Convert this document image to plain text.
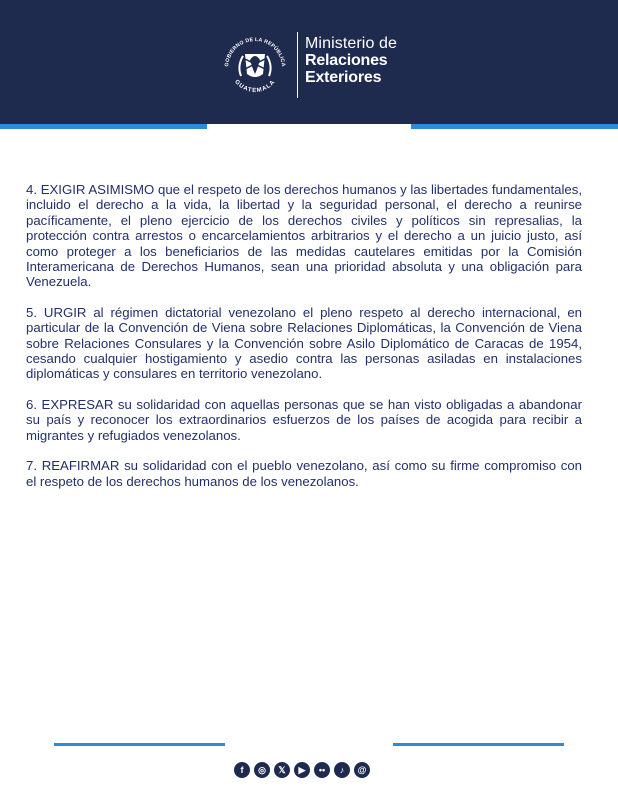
GOBIERNO DE LA REPÚBLICA
GUATEMALA
Ministerio de
Relaciones
Exteriores

4. EXIGIR ASIMISMO que el respeto de los derechos humanos y las libertades fundamentales, incluido el derecho a la vida, la libertad y la seguridad personal, el derecho a reunirse pacíficamente, el pleno ejercicio de los derechos civiles y políticos sin represalias, la protección contra arrestos o encarcelamientos arbitrarios y el derecho a un juicio justo, así como proteger a los beneficiarios de las medidas cautelares emitidas por la Comisión Interamericana de Derechos Humanos, sean una prioridad absoluta y una obligación para Venezuela.

5. URGIR al régimen dictatorial venezolano el pleno respeto al derecho internacional, en particular de la Convención de Viena sobre Relaciones Diplomáticas, la Convención de Viena sobre Relaciones Consulares y la Convención sobre Asilo Diplomático de Caracas de 1954, cesando cualquier hostigamiento y asedio contra las personas asiladas en instalaciones diplomáticas y consulares en territorio venezolano.

6. EXPRESAR su solidaridad con aquellas personas que se han visto obligadas a abandonar su país y reconocer los extraordinarios esfuerzos de los países de acogida para recibir a migrantes y refugiados venezolanos.

7. REAFIRMAR su solidaridad con el pueblo venezolano, así como su firme compromiso con el respeto de los derechos humanos de los venezolanos.

f	◎	𝕏	▶	••	♪	@
